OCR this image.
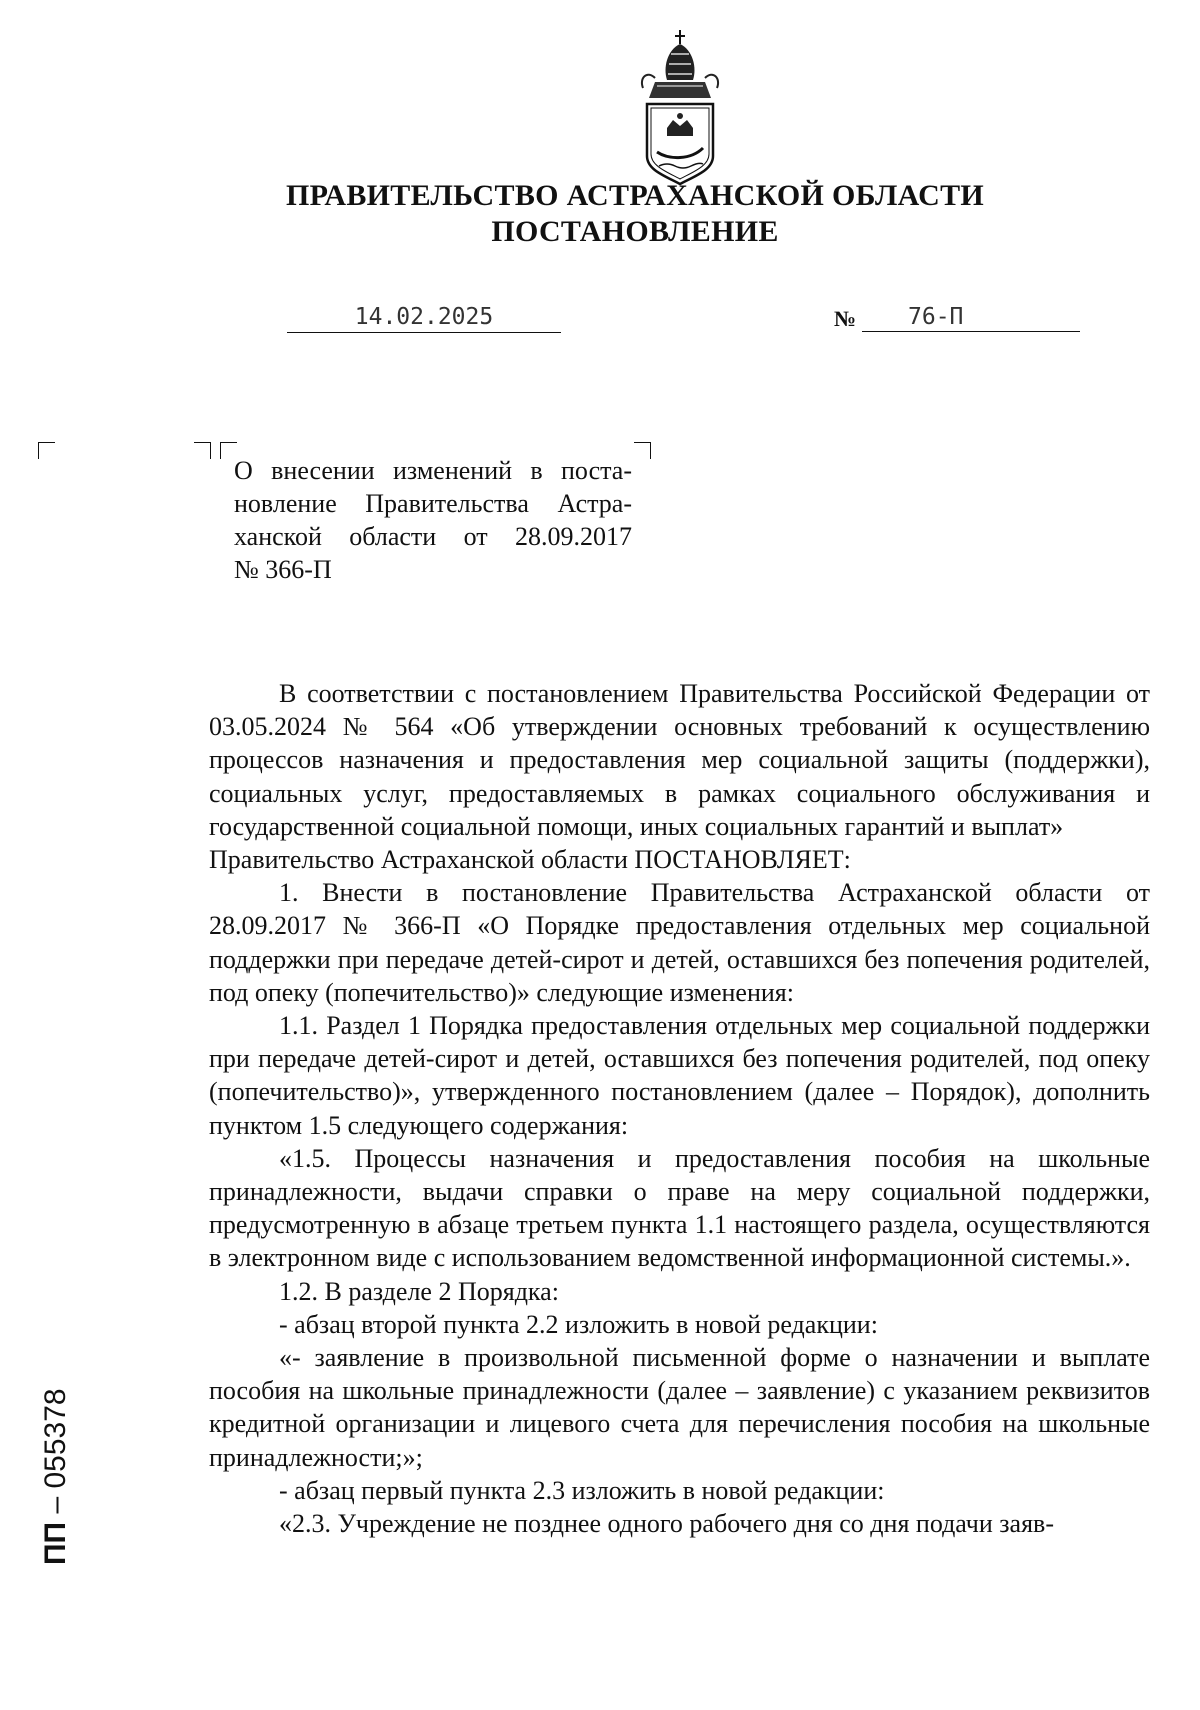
ПРАВИТЕЛЬСТВО АСТРАХАНСКОЙ ОБЛАСТИ
ПОСТАНОВЛЕНИЕ
14.02.2025	№	76-П
О внесении изменений в поста-
новление Правительства Астра-
ханской области от 28.09.2017
№ 366-П

В соответствии с постановлением Правительства Российской Федерации от 03.05.2024 № 564 «Об утверждении основных требований к осуществлению процессов назначения и предоставления мер социальной защиты (поддержки), социальных услуг, предоставляемых в рамках социального обслуживания и государственной социальной помощи, иных социальных гарантий и выплат»

Правительство Астраханской области ПОСТАНОВЛЯЕТ:

1. Внести в постановление Правительства Астраханской области от 28.09.2017 № 366-П «О Порядке предоставления отдельных мер социальной поддержки при передаче детей-сирот и детей, оставшихся без попечения родителей, под опеку (попечительство)» следующие изменения:

1.1. Раздел 1 Порядка предоставления отдельных мер социальной поддержки при передаче детей-сирот и детей, оставшихся без попечения родителей, под опеку (попечительство)», утвержденного постановлением (далее – Порядок), дополнить пунктом 1.5 следующего содержания:

«1.5. Процессы назначения и предоставления пособия на школьные принадлежности, выдачи справки о праве на меру социальной поддержки, предусмотренную в абзаце третьем пункта 1.1 настоящего раздела, осуществляются в электронном виде с использованием ведомственной информационной системы.».

1.2. В разделе 2 Порядка:

- абзац второй пункта 2.2 изложить в новой редакции:

«- заявление в произвольной письменной форме о назначении и выплате пособия на школьные принадлежности (далее – заявление) с указанием реквизитов кредитной организации и лицевого счета для перечисления пособия на школьные принадлежности;»;

- абзац первый пункта 2.3 изложить в новой редакции:

«2.3. Учреждение не позднее одного рабочего дня со дня подачи заяв-

ПП – 055378
